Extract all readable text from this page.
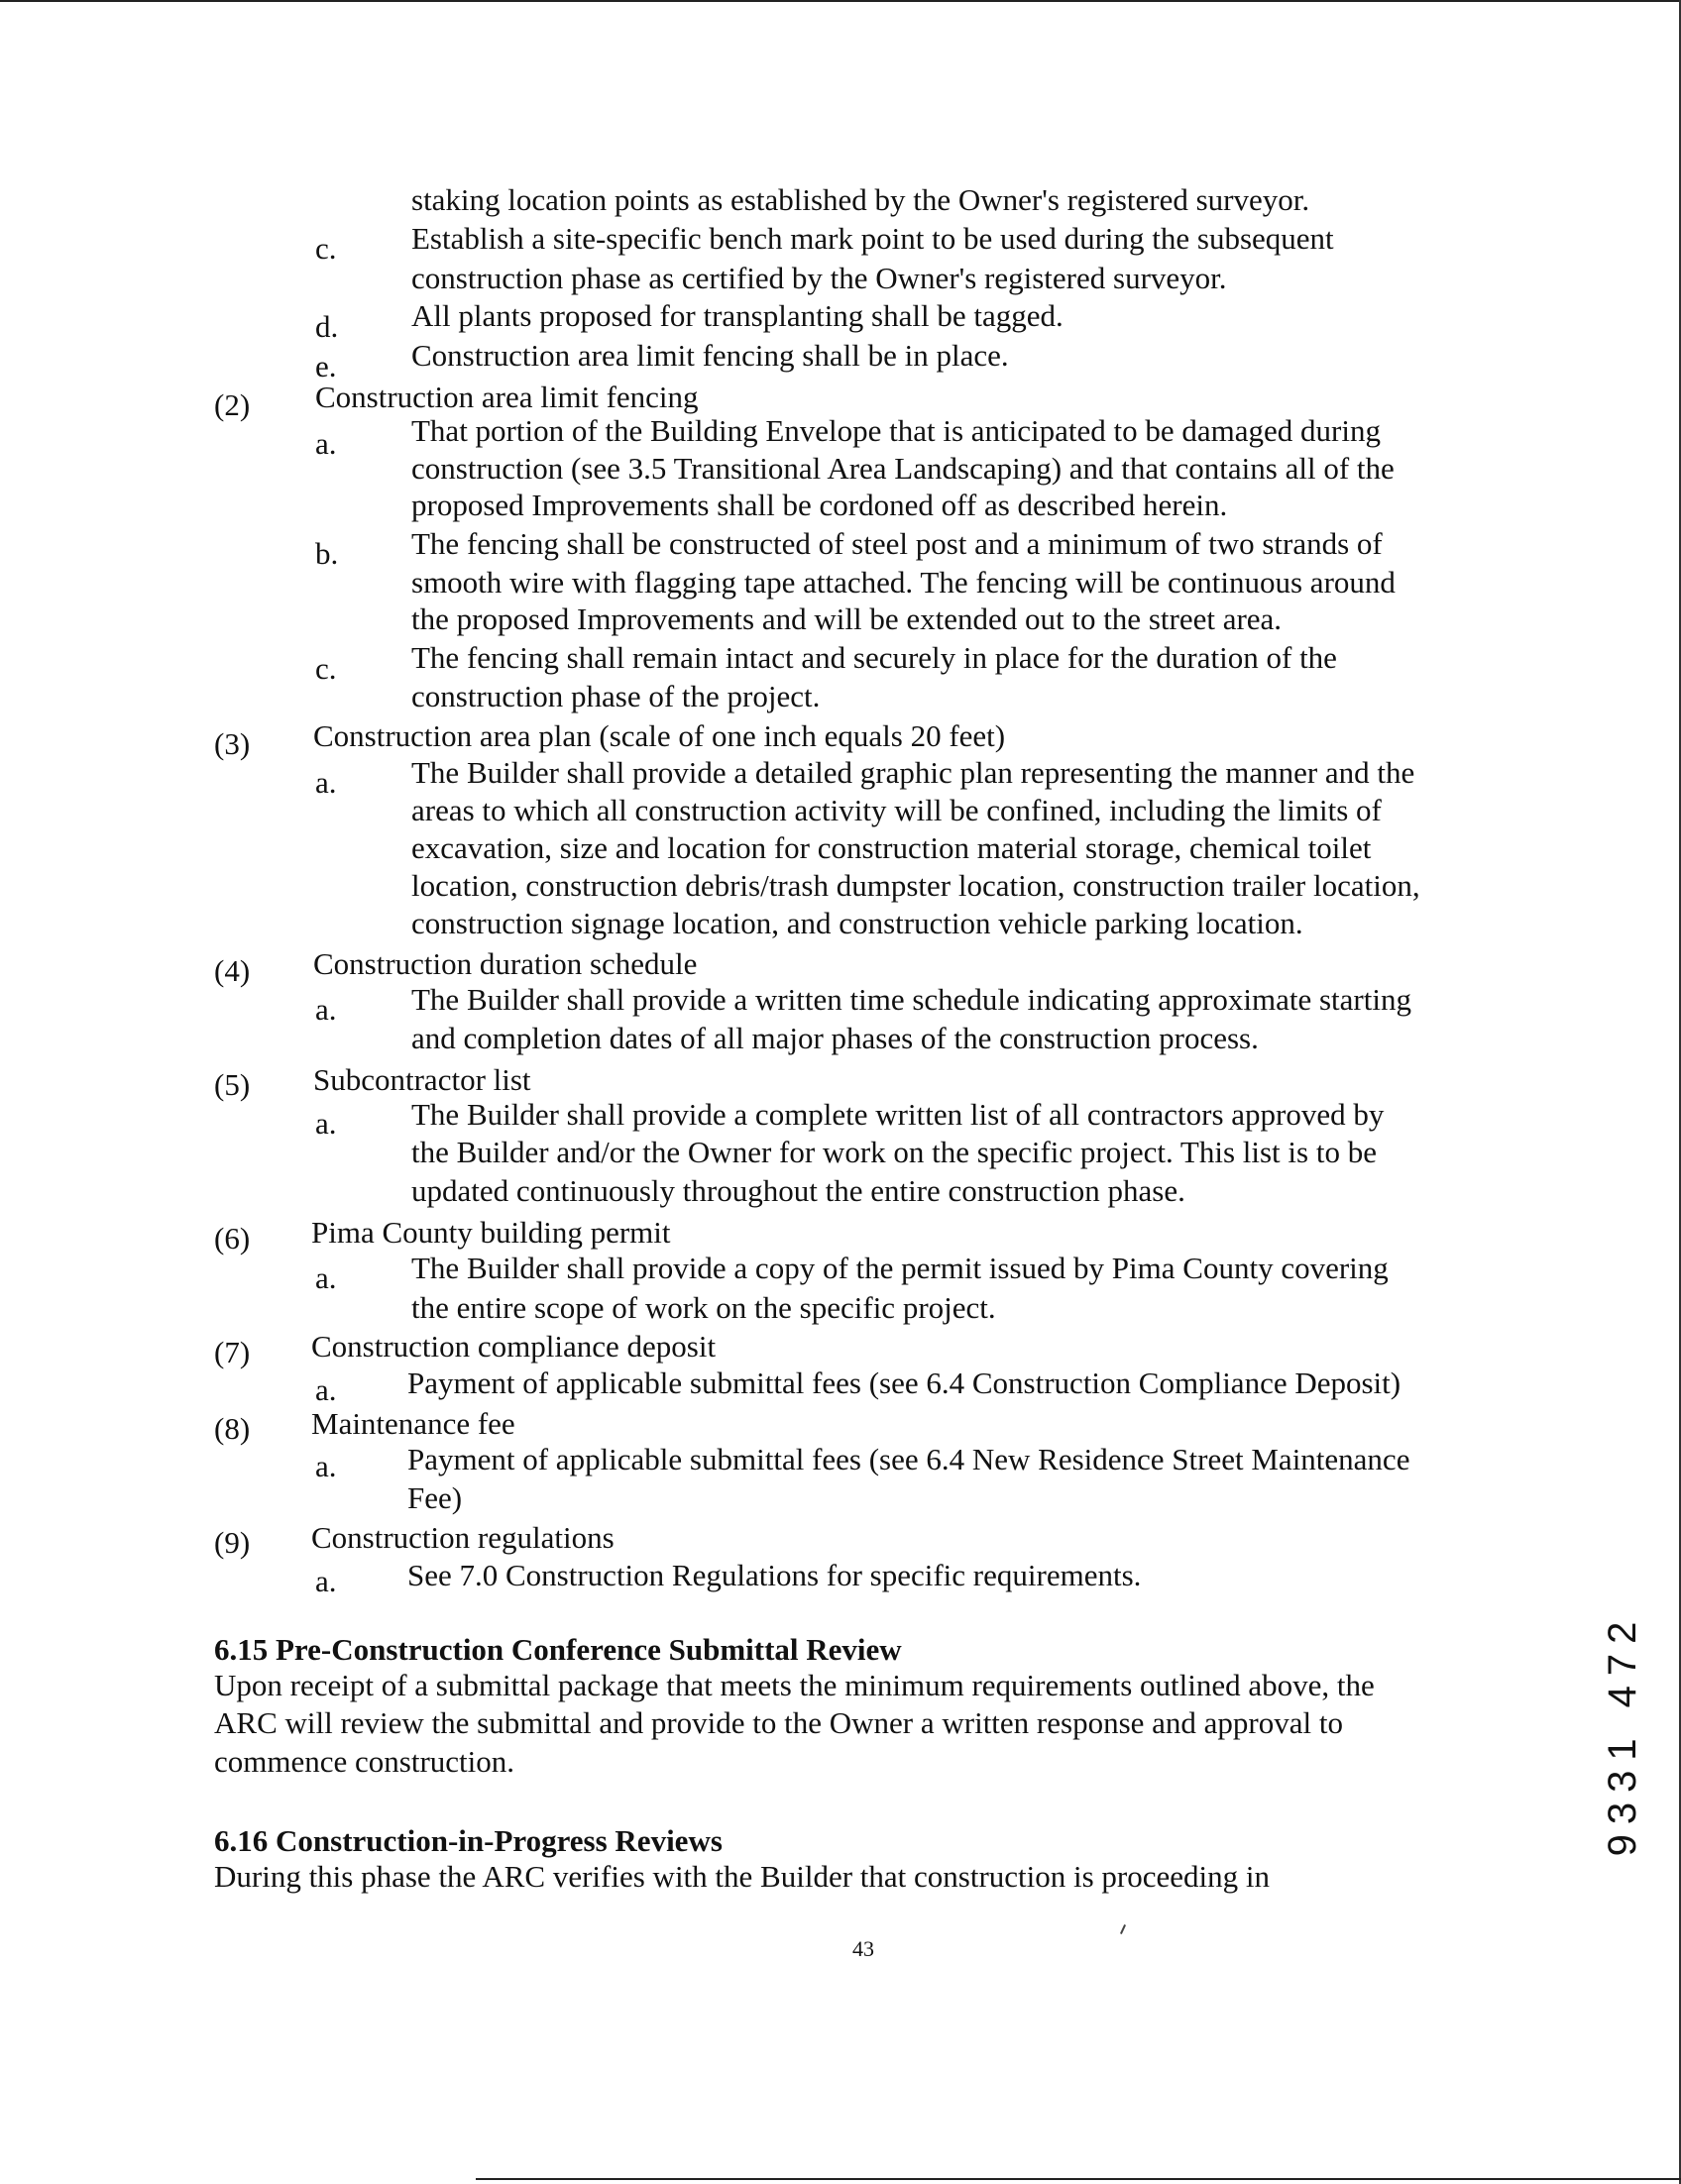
staking location points as established by the Owner's registered surveyor.
c. Establish a site-specific bench mark point to be used during the subsequent
construction phase as certified by the Owner's registered surveyor.
d. All plants proposed for transplanting shall be tagged.
e. Construction area limit fencing shall be in place.
(2) Construction area limit fencing
a. That portion of the Building Envelope that is anticipated to be damaged during
construction (see 3.5 Transitional Area Landscaping) and that contains all of the
proposed Improvements shall be cordoned off as described herein.
b. The fencing shall be constructed of steel post and a minimum of two strands of
smooth wire with flagging tape attached. The fencing will be continuous around
the proposed Improvements and will be extended out to the street area.
c. The fencing shall remain intact and securely in place for the duration of the
construction phase of the project.
(3) Construction area plan (scale of one inch equals 20 feet)
a. The Builder shall provide a detailed graphic plan representing the manner and the
areas to which all construction activity will be confined, including the limits of
excavation, size and location for construction material storage, chemical toilet
location, construction debris/trash dumpster location, construction trailer location,
construction signage location, and construction vehicle parking location.
(4) Construction duration schedule
a. The Builder shall provide a written time schedule indicating approximate starting
and completion dates of all major phases of the construction process.
(5) Subcontractor list
a. The Builder shall provide a complete written list of all contractors approved by
the Builder and/or the Owner for work on the specific project. This list is to be
updated continuously throughout the entire construction phase.
(6) Pima County building permit
a. The Builder shall provide a copy of the permit issued by Pima County covering
the entire scope of work on the specific project.
(7) Construction compliance deposit
a. Payment of applicable submittal fees (see 6.4 Construction Compliance Deposit)
(8) Maintenance fee
a. Payment of applicable submittal fees (see 6.4 New Residence Street Maintenance
Fee)
(9) Construction regulations
a. See 7.0 Construction Regulations for specific requirements.
6.15 Pre-Construction Conference Submittal Review
Upon receipt of a submittal package that meets the minimum requirements outlined above, the
ARC will review the submittal and provide to the Owner a written response and approval to
commence construction.
6.16 Construction-in-Progress Reviews
During this phase the ARC verifies with the Builder that construction is proceeding in
43
9331 472
